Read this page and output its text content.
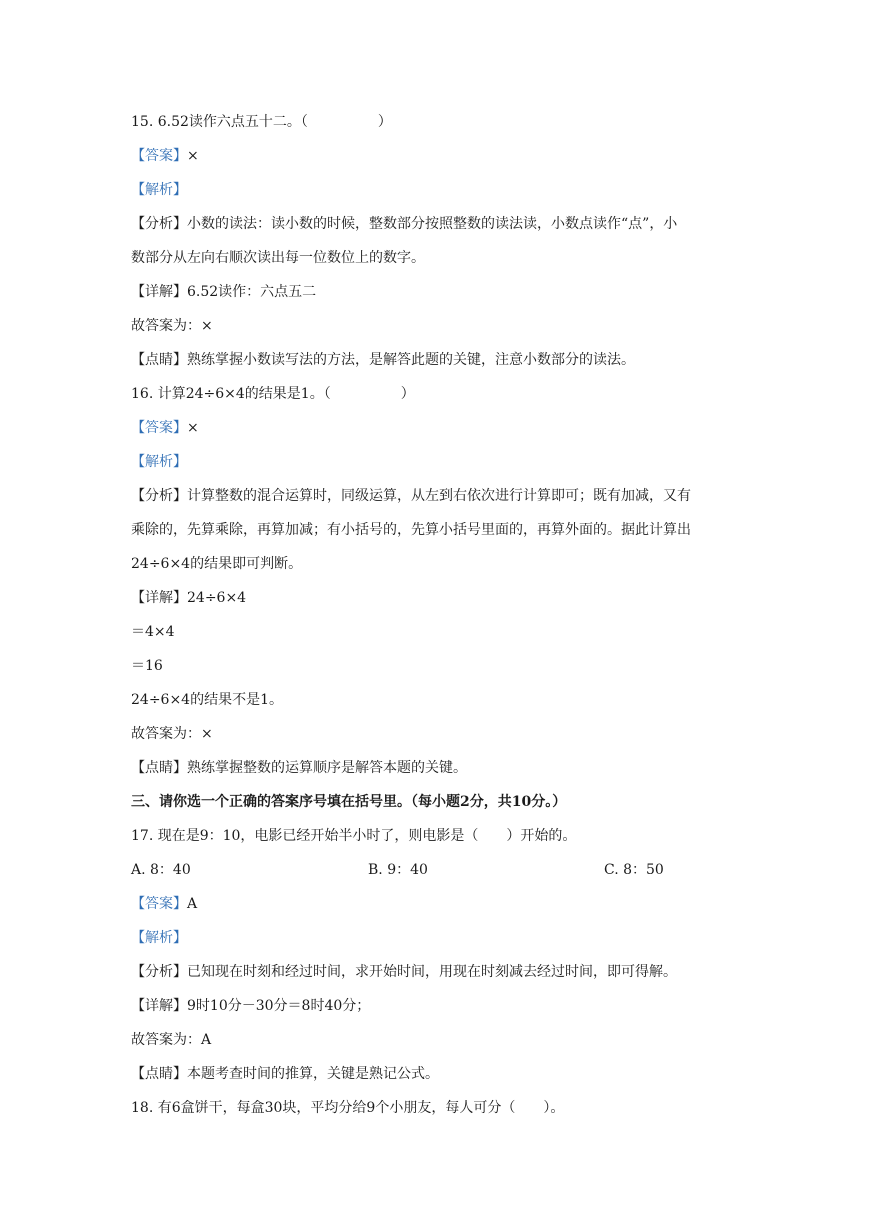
15. 6.52读作六点五十二。（　　　　　）
【答案】×
【解析】
【分析】小数的读法：读小数的时候，整数部分按照整数的读法读，小数点读作“点”，小
数部分从左向右顺次读出每一位数位上的数字。
【详解】6.52读作：六点五二
故答案为：×
【点睛】熟练掌握小数读写法的方法，是解答此题的关键，注意小数部分的读法。
16. 计算24÷6×4的结果是1。（　　　　　）
【答案】×
【解析】
【分析】计算整数的混合运算时，同级运算，从左到右依次进行计算即可；既有加减，又有
乘除的，先算乘除，再算加减；有小括号的，先算小括号里面的，再算外面的。据此计算出
24÷6×4的结果即可判断。
【详解】24÷6×4
＝4×4
＝16
24÷6×4的结果不是1。
故答案为：×
【点睛】熟练掌握整数的运算顺序是解答本题的关键。
三、请你选一个正确的答案序号填在括号里。（每小题2分，共10分。）
17. 现在是9：10，电影已经开始半小时了，则电影是（　　）开始的。
A. 8：40	B. 9：40	C. 8：50
【答案】A
【解析】
【分析】已知现在时刻和经过时间，求开始时间，用现在时刻减去经过时间，即可得解。
【详解】9时10分－30分＝8时40分；
故答案为：A
【点睛】本题考查时间的推算，关键是熟记公式。
18. 有6盒饼干，每盒30块，平均分给9个小朋友，每人可分（　　）。
